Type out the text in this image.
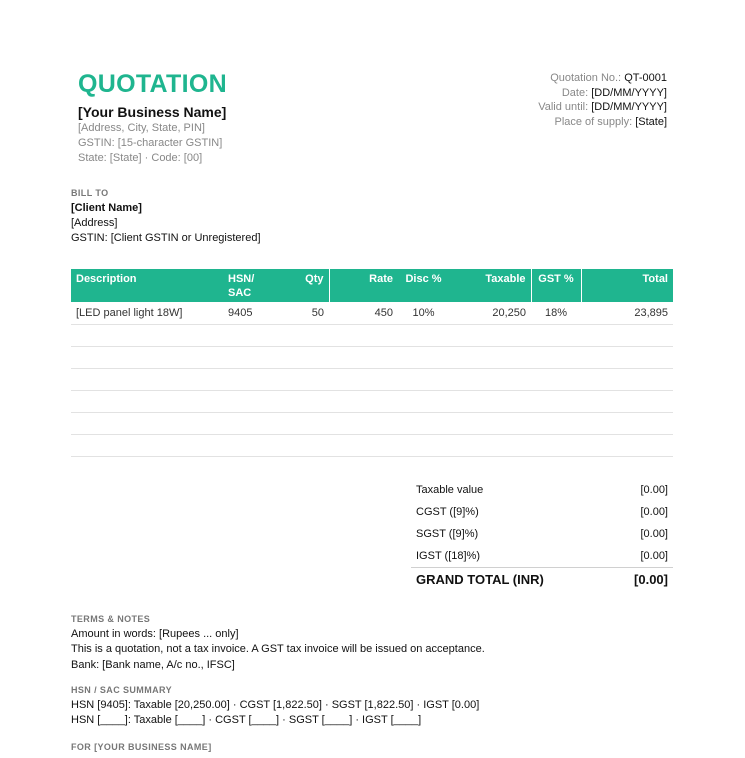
QUOTATION
[Your Business Name]
[Address, City, State, PIN]
GSTIN: [15-character GSTIN]
State: [State] · Code: [00]
Quotation No.: QT-0001
Date: [DD/MM/YYYY]
Valid until: [DD/MM/YYYY]
Place of supply: [State]
BILL TO
[Client Name]
[Address]
GSTIN: [Client GSTIN or Unregistered]
Description	HSN/ SAC	Qty	Rate	Disc %	Taxable	GST %	Total
[LED panel light 18W]	9405	50	450	10%	20,250	18%	23,895

Taxable value	[0.00]
CGST ([9]%)	[0.00]
SGST ([9]%)	[0.00]
IGST ([18]%)	[0.00]
GRAND TOTAL (INR)	[0.00]
TERMS & NOTES
Amount in words: [Rupees ... only]
This is a quotation, not a tax invoice. A GST tax invoice will be issued on acceptance.
Bank: [Bank name, A/c no., IFSC]
HSN / SAC SUMMARY
HSN [9405]: Taxable [20,250.00] · CGST [1,822.50] · SGST [1,822.50] · IGST [0.00]
HSN [____]: Taxable [____] · CGST [____] · SGST [____] · IGST [____]
FOR [YOUR BUSINESS NAME]
